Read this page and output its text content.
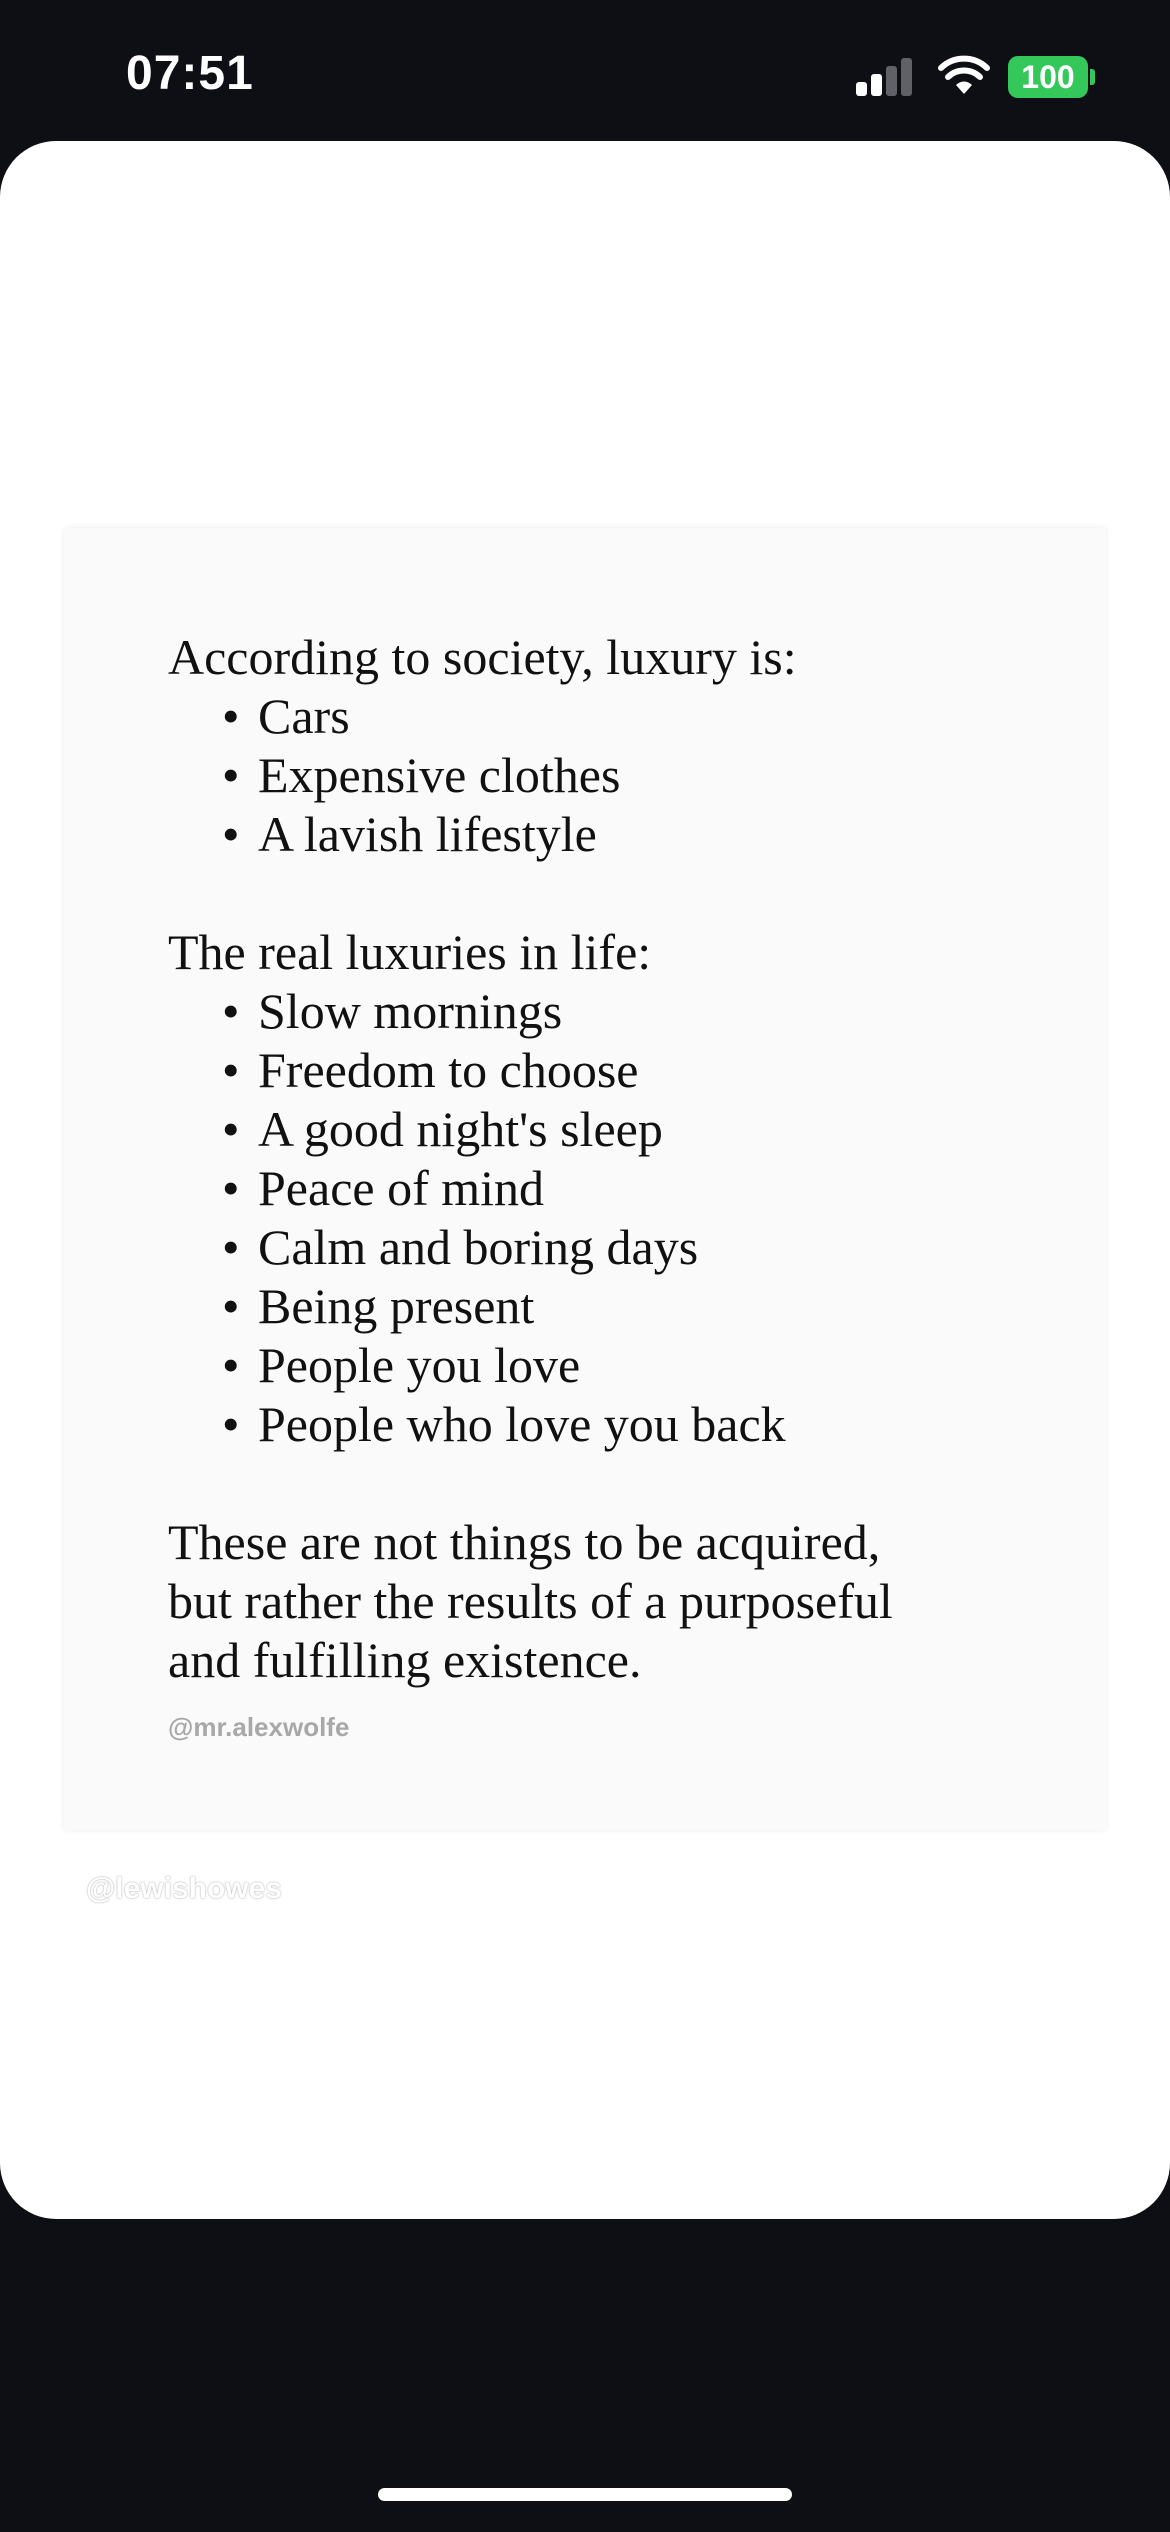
07:51	100

According to society, luxury is:

• Cars
• Expensive clothes
• A lavish lifestyle

The real luxuries in life:

• Slow mornings
• Freedom to choose
• A good night's sleep
• Peace of mind
• Calm and boring days
• Being present
• People you love
• People who love you back

These are not things to be acquired,

but rather the results of a purposeful

and fulfilling existence.

@mr.alexwolfe
@lewishowes
